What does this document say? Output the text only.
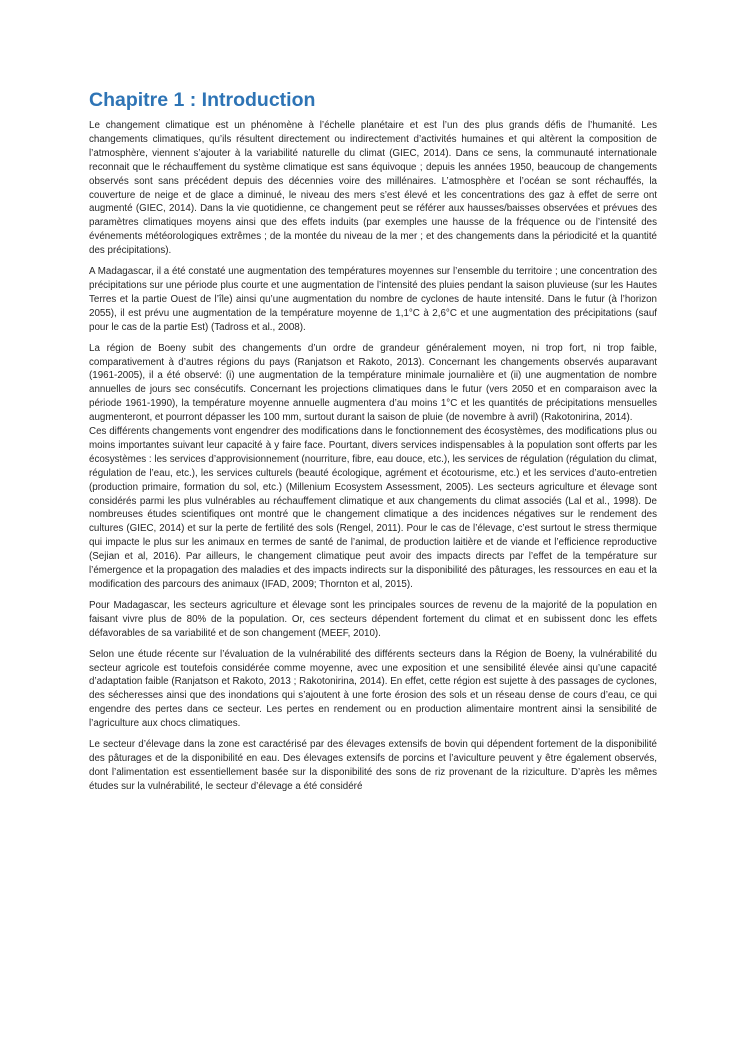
Chapitre 1 : Introduction

Le changement climatique est un phénomène à l’échelle planétaire et est l’un des plus grands défis de l’humanité. Les changements climatiques, qu’ils résultent directement ou indirectement d’activités humaines et qui altèrent la composition de l’atmosphère, viennent s’ajouter à la variabilité naturelle du climat (GIEC, 2014). Dans ce sens, la communauté internationale reconnait que le réchauffement du système climatique est sans équivoque ; depuis les années 1950, beaucoup de changements observés sont sans précédent depuis des décennies voire des millénaires. L’atmosphère et l’océan se sont réchauffés, la couverture de neige et de glace a diminué, le niveau des mers s’est élevé et les concentrations des gaz à effet de serre ont augmenté (GIEC, 2014). Dans la vie quotidienne, ce changement peut se référer aux hausses/baisses observées et prévues des paramètres climatiques moyens ainsi que des effets induits (par exemples une hausse de la fréquence ou de l’intensité des événements météorologiques extrêmes ; de la montée du niveau de la mer ; et des changements dans la périodicité et la quantité des précipitations).

A Madagascar, il a été constaté une augmentation des températures moyennes sur l’ensemble du territoire ; une concentration des précipitations sur une période plus courte et une augmentation de l’intensité des pluies pendant la saison pluvieuse (sur les Hautes Terres et la partie Ouest de l’île) ainsi qu’une augmentation du nombre de cyclones de haute intensité. Dans le futur (à l’horizon 2055), il est prévu une augmentation de la température moyenne de 1,1°C à 2,6°C et une augmentation des précipitations (sauf pour le cas de la partie Est) (Tadross et al., 2008).

La région de Boeny subit des changements d’un ordre de grandeur généralement moyen, ni trop fort, ni trop faible, comparativement à d’autres régions du pays (Ranjatson et Rakoto, 2013). Concernant les changements observés auparavant (1961-2005), il a été observé: (i) une augmentation de la température minimale journalière et (ii) une augmentation de nombre annuelles de jours sec consécutifs. Concernant les projections climatiques dans le futur (vers 2050 et en comparaison avec la période 1961-1990), la température moyenne annuelle augmentera d’au moins 1°C et les quantités de précipitations mensuelles augmenteront, et pourront dépasser les 100 mm, surtout durant la saison de pluie (de novembre à avril) (Rakotonirina, 2014).

Ces différents changements vont engendrer des modifications dans le fonctionnement des écosystèmes, des modifications plus ou moins importantes suivant leur capacité à y faire face. Pourtant, divers services indispensables à la population sont offerts par les écosystèmes : les services d’approvisionnement (nourriture, fibre, eau douce, etc.), les services de régulation (régulation du climat, régulation de l’eau, etc.), les services culturels (beauté écologique, agrément et écotourisme, etc.) et les services d’auto-entretien (production primaire, formation du sol, etc.) (Millenium Ecosystem Assessment, 2005). Les secteurs agriculture et élevage sont considérés parmi les plus vulnérables au réchauffement climatique et aux changements du climat associés (Lal et al., 1998). De nombreuses études scientifiques ont montré que le changement climatique a des incidences négatives sur le rendement des cultures (GIEC, 2014) et sur la perte de fertilité des sols (Rengel, 2011). Pour le cas de l’élevage, c’est surtout le stress thermique qui impacte le plus sur les animaux en termes de santé de l’animal, de production laitière et de viande et l’efficience reproductive (Sejian et al, 2016). Par ailleurs, le changement climatique peut avoir des impacts directs par l’effet de la température sur l’émergence et la propagation des maladies et des impacts indirects sur la disponibilité des pâturages, les ressources en eau et la modification des parcours des animaux (IFAD, 2009; Thornton et al, 2015).

Pour Madagascar, les secteurs agriculture et élevage sont les principales sources de revenu de la majorité de la population en faisant vivre plus de 80% de la population. Or, ces secteurs dépendent fortement du climat et en subissent donc les effets défavorables de sa variabilité et de son changement (MEEF, 2010).

Selon une étude récente sur l’évaluation de la vulnérabilité des différents secteurs dans la Région de Boeny, la vulnérabilité du secteur agricole est toutefois considérée comme moyenne, avec une exposition et une sensibilité élevée ainsi qu’une capacité d’adaptation faible (Ranjatson et Rakoto, 2013 ; Rakotonirina, 2014). En effet, cette région est sujette à des passages de cyclones, des sécheresses ainsi que des inondations qui s’ajoutent à une forte érosion des sols et un réseau dense de cours d’eau, ce qui engendre des pertes dans ce secteur. Les pertes en rendement ou en production alimentaire montrent ainsi la sensibilité de l’agriculture aux chocs climatiques.

Le secteur d’élevage dans la zone est caractérisé par des élevages extensifs de bovin qui dépendent fortement de la disponibilité des pâturages et de la disponibilité en eau. Des élevages extensifs de porcins et l’aviculture peuvent y être également observés, dont l’alimentation est essentiellement basée sur la disponibilité des sons de riz provenant de la riziculture. D’après les mêmes études sur la vulnérabilité, le secteur d’élevage a été considéré
